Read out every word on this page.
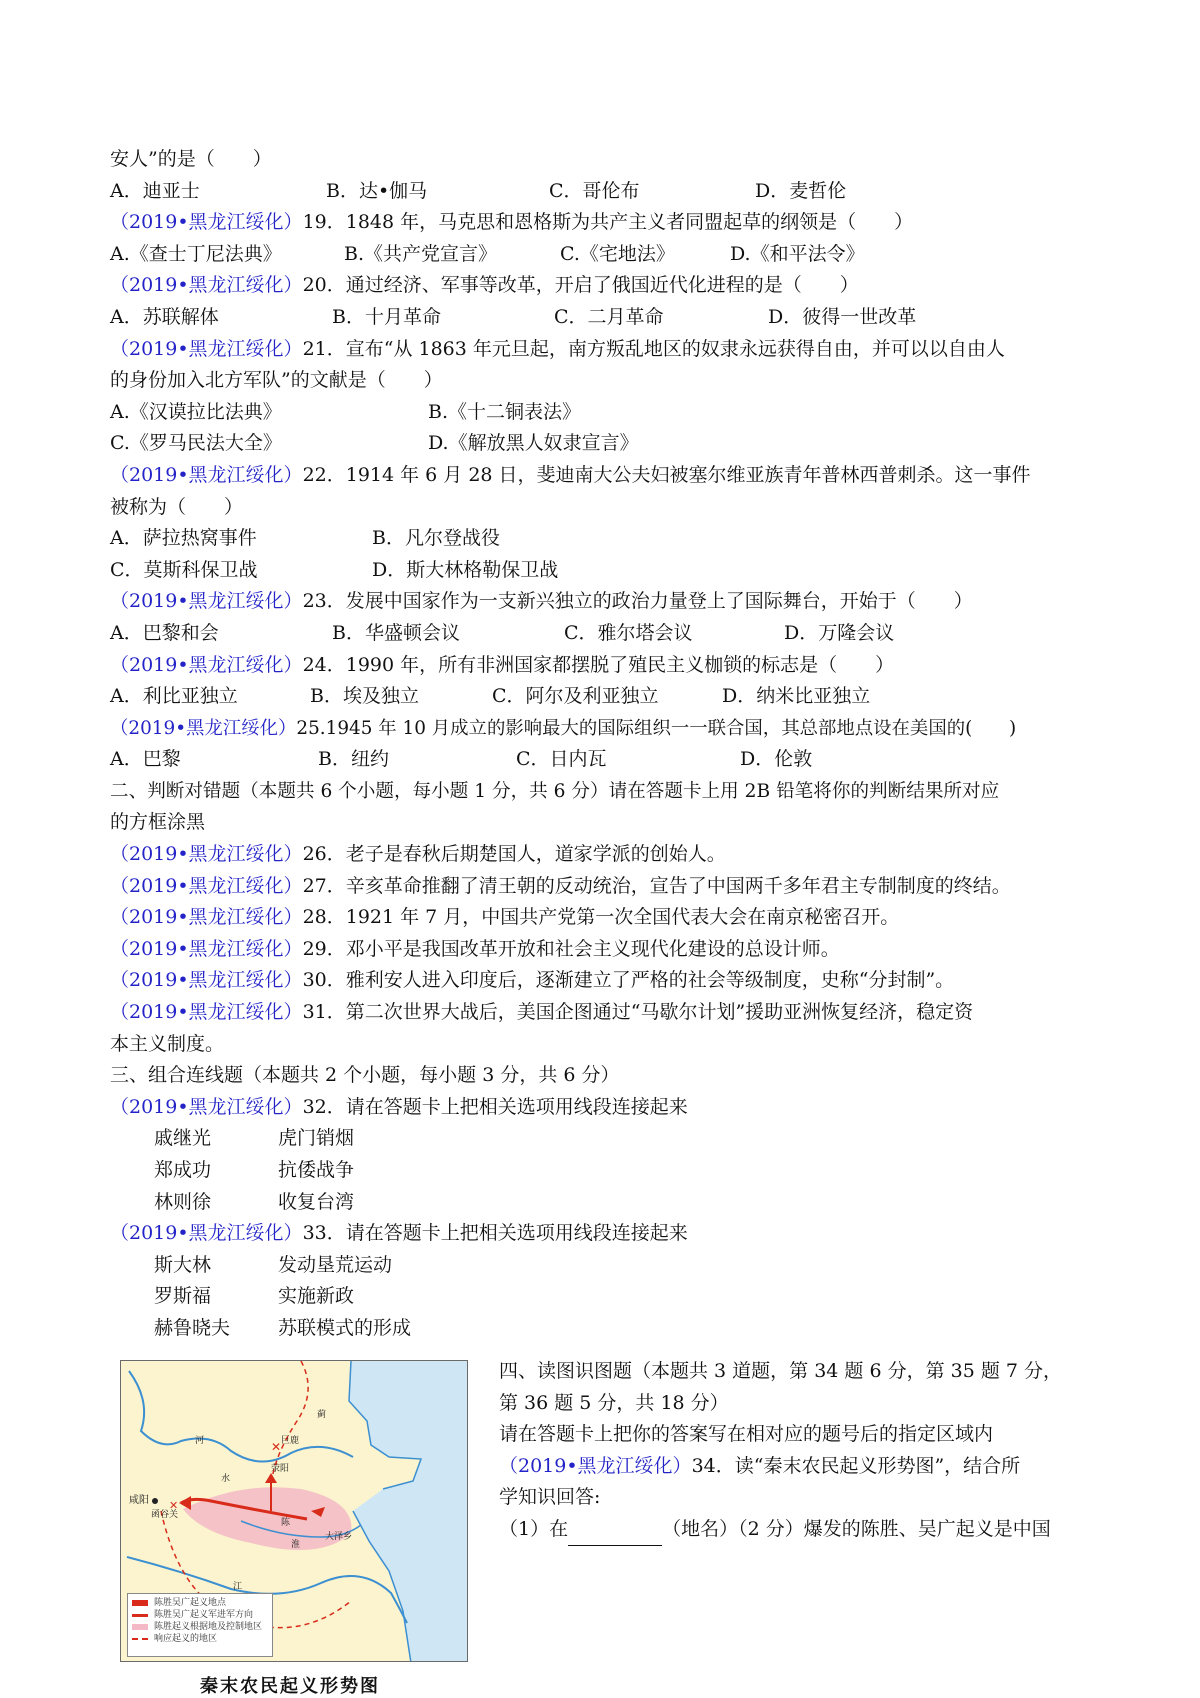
安人”的是（　　）
A．迪亚士	B．达•伽马	C．哥伦布	D．麦哲伦
（2019•黑龙江绥化）19．1848 年，马克思和恩格斯为共产主义者同盟起草的纲领是（　　）
A.《查士丁尼法典》	B.《共产党宣言》	C.《宅地法》	D.《和平法令》
（2019•黑龙江绥化）20．通过经济、军事等改革，开启了俄国近代化进程的是（　　）
A．苏联解体	B．十月革命	C．二月革命	D．彼得一世改革
（2019•黑龙江绥化）21．宣布“从 1863 年元旦起，南方叛乱地区的奴隶永远获得自由，并可以以自由人
的身份加入北方军队”的文献是（　　）
A.《汉谟拉比法典》	B.《十二铜表法》
C.《罗马民法大全》	D.《解放黑人奴隶宣言》
（2019•黑龙江绥化）22．1914 年 6 月 28 日，斐迪南大公夫妇被塞尔维亚族青年普林西普刺杀。这一事件
被称为（　　）
A．萨拉热窝事件	B．凡尔登战役
C．莫斯科保卫战	D．斯大林格勒保卫战
（2019•黑龙江绥化）23．发展中国家作为一支新兴独立的政治力量登上了国际舞台，开始于（　　）
A．巴黎和会	B．华盛顿会议	C．雅尔塔会议	D．万隆会议
（2019•黑龙江绥化）24．1990 年，所有非洲国家都摆脱了殖民主义枷锁的标志是（　　）
A．利比亚独立	B．埃及独立	C．阿尔及利亚独立	D．纳米比亚独立
（2019•黑龙江绥化）25.1945 年 10 月成立的影响最大的国际组织一一联合国，其总部地点设在美国的(　　)
A．巴黎	B．纽约	C．日内瓦	D．伦敦
二、判断对错题（本题共 6 个小题，每小题 1 分，共 6 分）请在答题卡上用 2B 铅笔将你的判断结果所对应
的方框涂黑
（2019•黑龙江绥化）26．老子是春秋后期楚国人，道家学派的创始人。
（2019•黑龙江绥化）27．辛亥革命推翻了清王朝的反动统治，宣告了中国两千多年君主专制制度的终结。
（2019•黑龙江绥化）28．1921 年 7 月，中国共产党第一次全国代表大会在南京秘密召开。
（2019•黑龙江绥化）29．邓小平是我国改革开放和社会主义现代化建设的总设计师。
（2019•黑龙江绥化）30．雅利安人进入印度后，逐渐建立了严格的社会等级制度，史称“分封制”。
（2019•黑龙江绥化）31．第二次世界大战后，美国企图通过“马歇尔计划”援助亚洲恢复经济，稳定资
本主义制度。
三、组合连线题（本题共 2 个小题，每小题 3 分，共 6 分）
（2019•黑龙江绥化）32．请在答题卡上把相关选项用线段连接起来
戚继光	虎门销烟
郑成功	抗倭战争
林则徐	收复台湾
（2019•黑龙江绥化）33．请在答题卡上把相关选项用线段连接起来
斯大林	发动垦荒运动
罗斯福	实施新政
赫鲁晓夫	苏联模式的形成
✕
✕
蓟
巨鹿
咸阳
函谷关
荥阳
陈
大泽乡
河
水
江
淮
陈胜吴广起义地点
陈胜吴广起义军进军方向
陈胜起义根据地及控制地区
响应起义的地区
秦末农民起义形势图
四、读图识图题（本题共 3 道题，第 34 题 6 分，第 35 题 7 分，
第 36 题 5 分，共 18 分）
请在答题卡上把你的答案写在相对应的题号后的指定区域内
（2019•黑龙江绥化）34．读“秦末农民起义形势图”，结合所
学知识回答:
（1）在	（地名）（2 分）爆发的陈胜、吴广起义是中国
